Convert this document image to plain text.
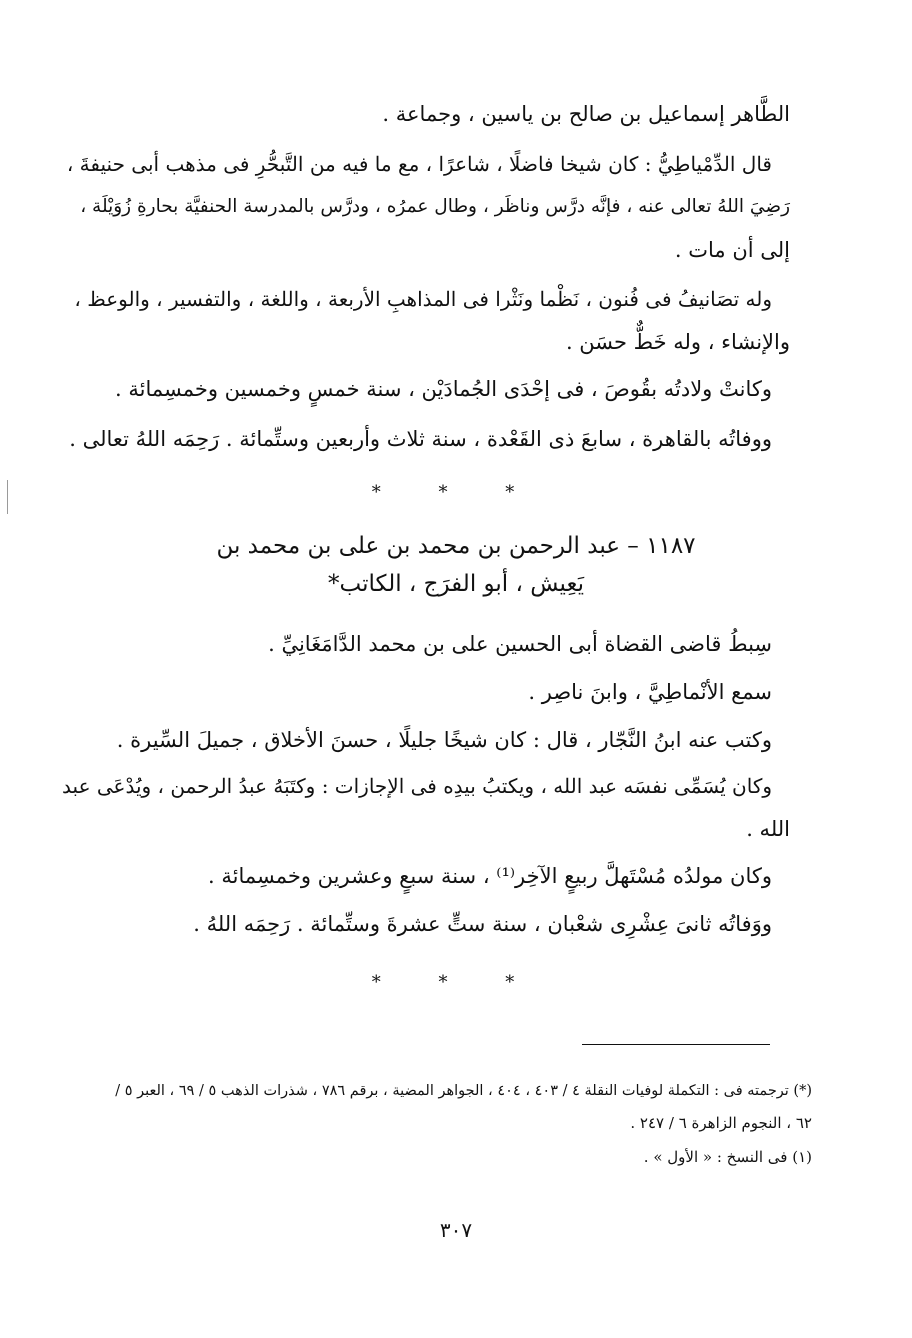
الطَّاهر إسماعيل بن صالح بن ياسين ، وجماعة .
قال الدِّمْياطِيُّ : كان شيخا فاضلًا ، شاعرًا ، مع ما فيه من التَّبحُّرِ فى مذهب أبى حنيفةَ ،
رَضِيَ اللهُ تعالى عنه ، فإنَّه درَّس وناظَر ، وطال عمرُه ، ودرَّس بالمدرسة الحنفيَّة بحارةِ زُوَيْلَة ،
إلى أن مات .
وله تصَانيفُ فى فُنون ، نَظْما ونَثْرا فى المذاهبِ الأربعة ، واللغة ، والتفسير ، والوعظ ،
والإنشاء ، وله خَطٌّ حسَن .
وكانتْ ولادتُه بقُوصَ ، فى إحْدَى الجُمادَيْن ، سنة خمسٍ وخمسين وخمسِمائة .
ووفاتُه بالقاهرة ، سابعَ ذى القَعْدة ، سنة ثلاث وأربعين وستِّمائة . رَحِمَه اللهُ تعالى .
* * *
١١٨٧ – عبد الرحمن بن محمد بن على بن محمد بن
يَعِيش ، أبو الفرَج ، الكاتب*
سِبطُ قاضى القضاة أبى الحسين على بن محمد الدَّامَغَانِيِّ .
سمع الأنْماطِيَّ ، وابنَ ناصِر .
وكتب عنه ابنُ النَّجّار ، قال : كان شيخًا جليلًا ، حسنَ الأخلاق ، جميلَ السِّيرة .
وكان يُسَمِّى نفسَه عبد الله ، ويكتبُ بيدِه فى الإجازات : وكتَبَهُ عبدُ الرحمن ، ويُدْعَى عبد
الله .
وكان مولدُه مُسْتَهلَّ ربيعٍ الآخِر⁽¹⁾ ، سنة سبعٍ وعشرين وخمسِمائة .
ووَفاتُه ثانىَ عِشْرِى شعْبان ، سنة ستٍّ عشرةَ وستِّمائة . رَحِمَه اللهُ .
* * *
(*) ترجمته فى : التكملة لوفيات النقلة ٤ / ٤٠٣ ، ٤٠٤ ، الجواهر المضية ، برقم ٧٨٦ ، شذرات الذهب ٥ / ٦٩ ، العبر ٥ /
٦٢ ، النجوم الزاهرة ٦ / ٢٤٧ .
(١) فى النسخ : « الأول » .
٣٠٧
